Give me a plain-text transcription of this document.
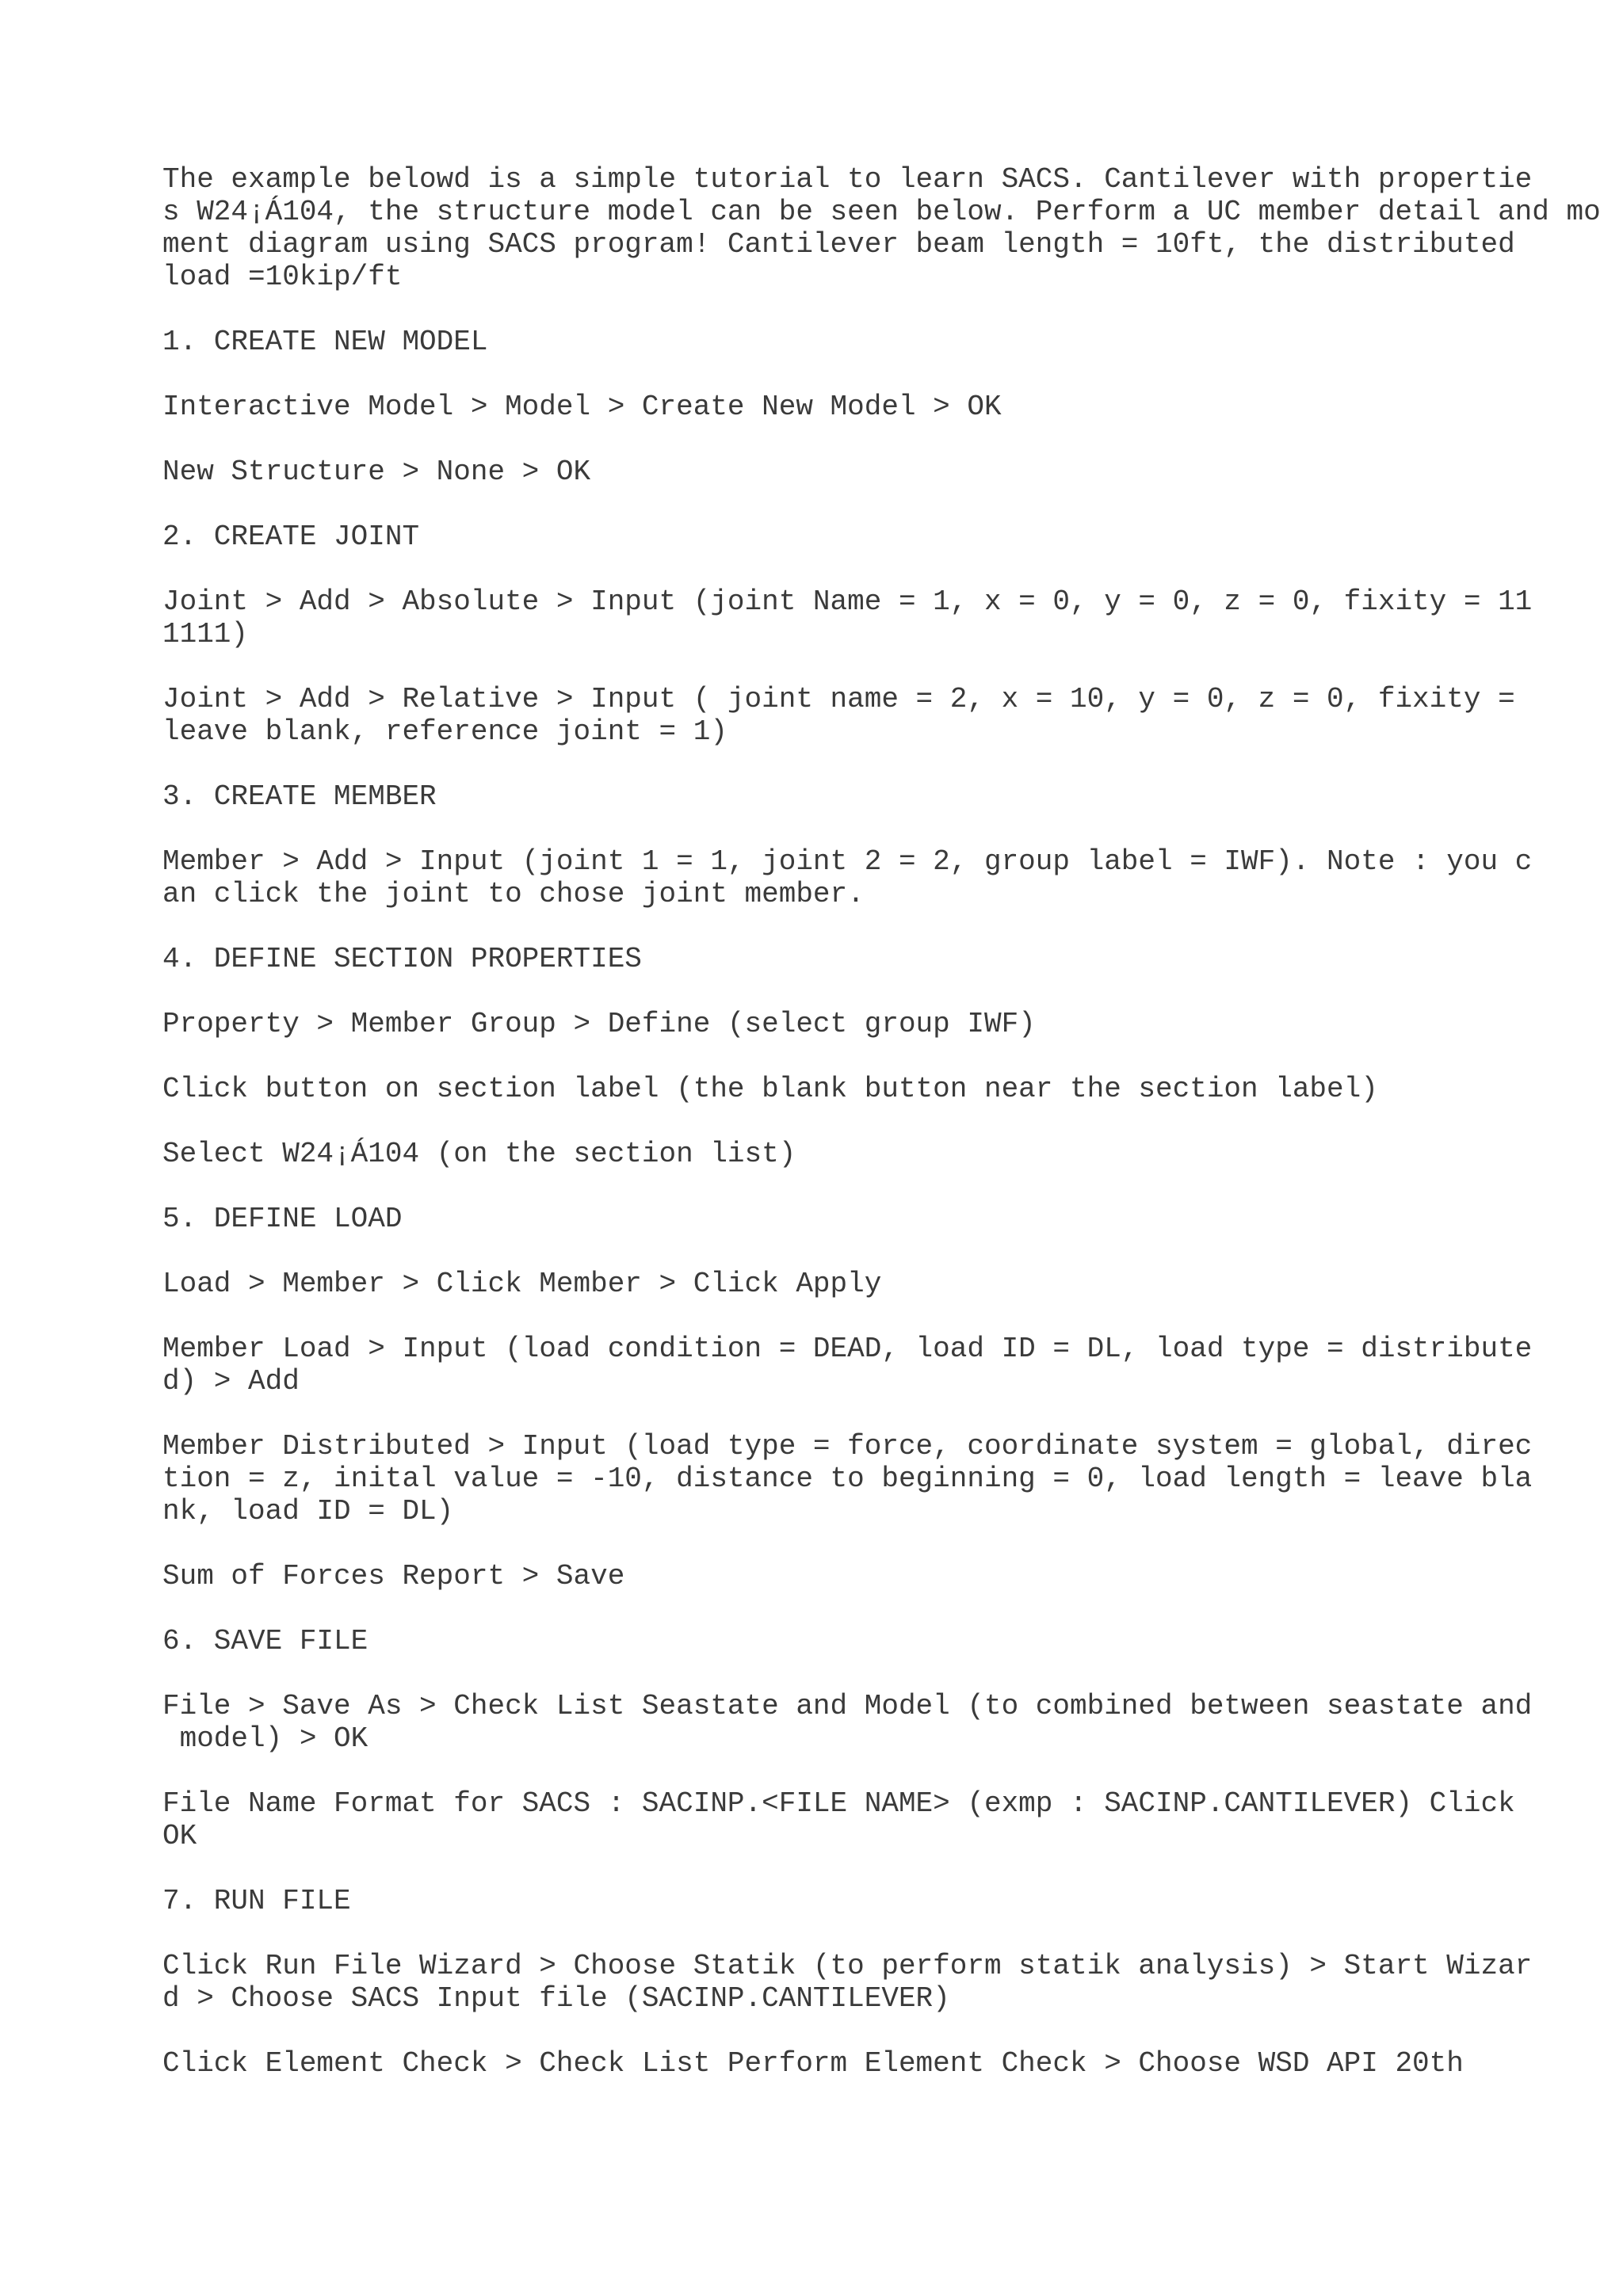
The example belowd is a simple tutorial to learn SACS. Cantilever with propertie
s W24¡Á104, the structure model can be seen below. Perform a UC member detail and mo
ment diagram using SACS program! Cantilever beam length = 10ft, the distributed
load =10kip/ft
1. CREATE NEW MODEL
Interactive Model > Model > Create New Model > OK
New Structure > None > OK
2. CREATE JOINT
Joint > Add > Absolute > Input (joint Name = 1, x = 0, y = 0, z = 0, fixity = 11
1111)
Joint > Add > Relative > Input ( joint name = 2, x = 10, y = 0, z = 0, fixity =
leave blank, reference joint = 1)
3. CREATE MEMBER
Member > Add > Input (joint 1 = 1, joint 2 = 2, group label = IWF). Note : you c
an click the joint to chose joint member.
4. DEFINE SECTION PROPERTIES
Property > Member Group > Define (select group IWF)
Click button on section label (the blank button near the section label)
Select W24¡Á104 (on the section list)
5. DEFINE LOAD
Load > Member > Click Member > Click Apply
Member Load > Input (load condition = DEAD, load ID = DL, load type = distribute
d) > Add
Member Distributed > Input (load type = force, coordinate system = global, direc
tion = z, inital value = -10, distance to beginning = 0, load length = leave bla
nk, load ID = DL)
Sum of Forces Report > Save
6. SAVE FILE
File > Save As > Check List Seastate and Model (to combined between seastate and
model) > OK
File Name Format for SACS : SACINP.<FILE NAME> (exmp : SACINP.CANTILEVER) Click
OK
7. RUN FILE
Click Run File Wizard > Choose Statik (to perform statik analysis) > Start Wizar
d > Choose SACS Input file (SACINP.CANTILEVER)
Click Element Check > Check List Perform Element Check > Choose WSD API 20th
